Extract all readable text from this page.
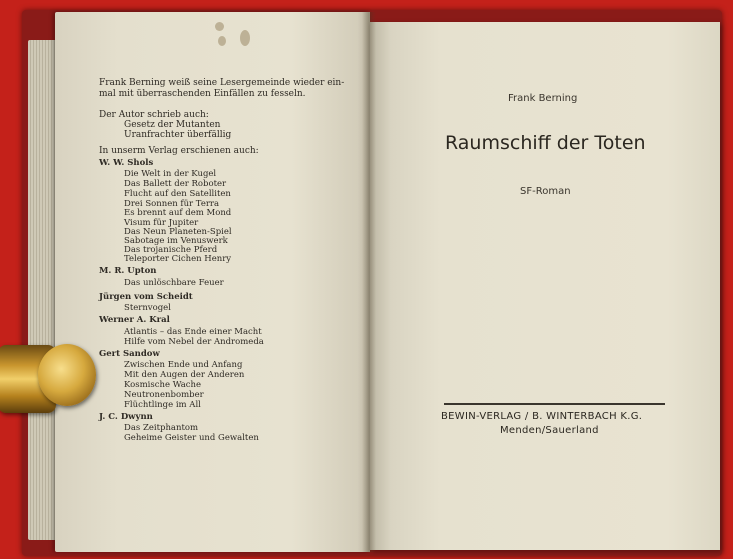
Frank Berning weiß seine Lesergemeinde wieder ein-
mal mit überraschenden Einfällen zu fesseln.
Der Autor schrieb auch:
Gesetz der Mutanten
Uranfrachter überfällig
In unserm Verlag erschienen auch:
W. W. Shols
Die Welt in der Kugel
Das Ballett der Roboter
Flucht auf den Satelliten
Drei Sonnen für Terra
Es brennt auf dem Mond
Visum für Jupiter
Das Neun Planeten-Spiel
Sabotage im Venuswerk
Das trojanische Pferd
Teleporter Cichen Henry
M. R. Upton
Das unlöschbare Feuer
Jürgen vom Scheidt
Sternvogel
Werner A. Kral
Atlantis – das Ende einer Macht
Hilfe vom Nebel der Andromeda
Gert Sandow
Zwischen Ende und Anfang
Mit den Augen der Anderen
Kosmische Wache
Neutronenbomber
Flüchtlinge im All
J. C. Dwynn
Das Zeitphantom
Geheime Geister und Gewalten
Frank Berning
Raumschiff der Toten
SF-Roman
BEWIN-VERLAG / B. WINTERBACH K.G.
Menden/Sauerland
